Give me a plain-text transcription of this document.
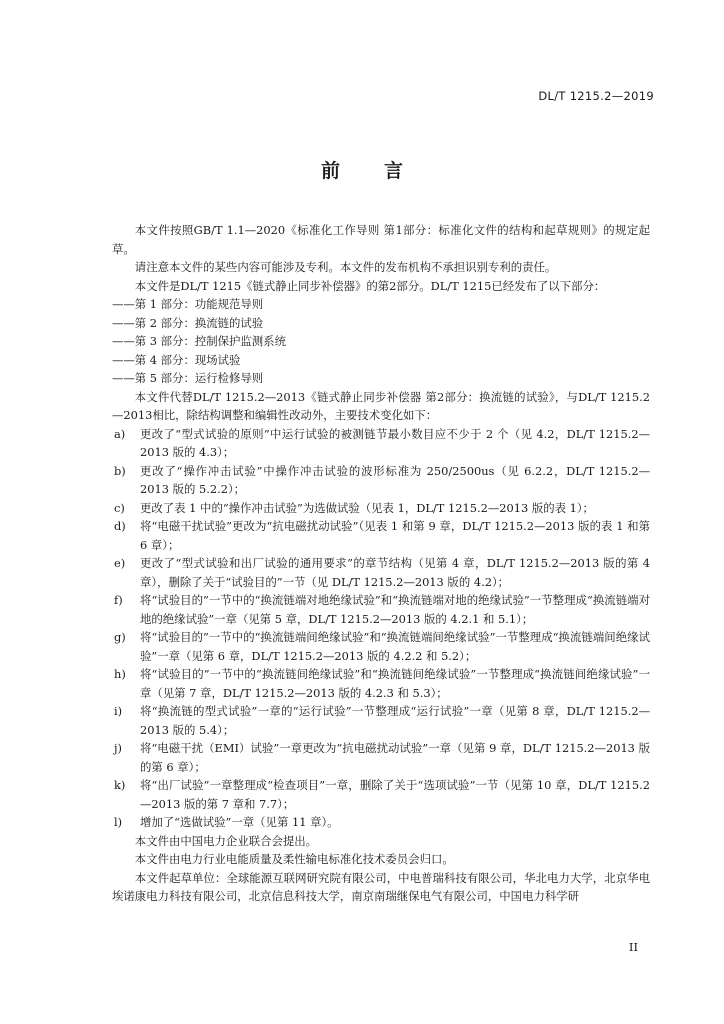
DL/T 1215.2—2019
前 言

本文件按照GB/T 1.1—2020《标准化工作导则 第1部分：标准化文件的结构和起草规则》的规定起草。

请注意本文件的某些内容可能涉及专利。本文件的发布机构不承担识别专利的责任。

本文件是DL/T 1215《链式静止同步补偿器》的第2部分。DL/T 1215已经发布了以下部分：

——第 1 部分：功能规范导则

——第 2 部分：换流链的试验

——第 3 部分：控制保护监测系统

——第 4 部分：现场试验

——第 5 部分：运行检修导则

本文件代替DL/T 1215.2—2013《链式静止同步补偿器 第2部分：换流链的试验》，与DL/T 1215.2—2013相比，除结构调整和编辑性改动外，主要技术变化如下：

a)	更改了“型式试验的原则”中运行试验的被测链节最小数目应不少于 2 个（见 4.2，DL/T 1215.2—2013 版的 4.3）；
b)	更改了“操作冲击试验”中操作冲击试验的波形标准为 250/2500us（见 6.2.2，DL/T 1215.2—2013 版的 5.2.2）；
c)	更改了表 1 中的“操作冲击试验”为选做试验（见表 1，DL/T 1215.2—2013 版的表 1）；
d)	将“电磁干扰试验”更改为“抗电磁扰动试验”（见表 1 和第 9 章，DL/T 1215.2—2013 版的表 1 和第 6 章）；
e)	更改了“型式试验和出厂试验的通用要求”的章节结构（见第 4 章，DL/T 1215.2—2013 版的第 4 章），删除了关于“试验目的”一节（见 DL/T 1215.2—2013 版的 4.2）；
f)	将“试验目的”一节中的“换流链端对地绝缘试验”和“换流链端对地的绝缘试验”一节整理成“换流链端对地的绝缘试验”一章（见第 5 章，DL/T 1215.2—2013 版的 4.2.1 和 5.1）；
g)	将“试验目的”一节中的“换流链端间绝缘试验”和“换流链端间绝缘试验”一节整理成“换流链端间绝缘试验”一章（见第 6 章，DL/T 1215.2—2013 版的 4.2.2 和 5.2）；
h)	将“试验目的”一节中的“换流链间绝缘试验”和“换流链间绝缘试验”一节整理成“换流链间绝缘试验”一章（见第 7 章，DL/T 1215.2—2013 版的 4.2.3 和 5.3）；
i)	将“换流链的型式试验”一章的“运行试验”一节整理成“运行试验”一章（见第 8 章，DL/T 1215.2—2013 版的 5.4）；
j)	将“电磁干扰（EMI）试验”一章更改为“抗电磁扰动试验”一章（见第 9 章，DL/T 1215.2—2013 版的第 6 章）；
k)	将“出厂试验”一章整理成“检查项目”一章，删除了关于“选项试验”一节（见第 10 章，DL/T 1215.2—2013 版的第 7 章和 7.7）；
l)	增加了“选做试验”一章（见第 11 章）。

本文件由中国电力企业联合会提出。

本文件由电力行业电能质量及柔性输电标准化技术委员会归口。

本文件起草单位：全球能源互联网研究院有限公司，中电普瑞科技有限公司，华北电力大学，北京华电埃诺康电力科技有限公司，北京信息科技大学，南京南瑞继保电气有限公司，中国电力科学研

II
